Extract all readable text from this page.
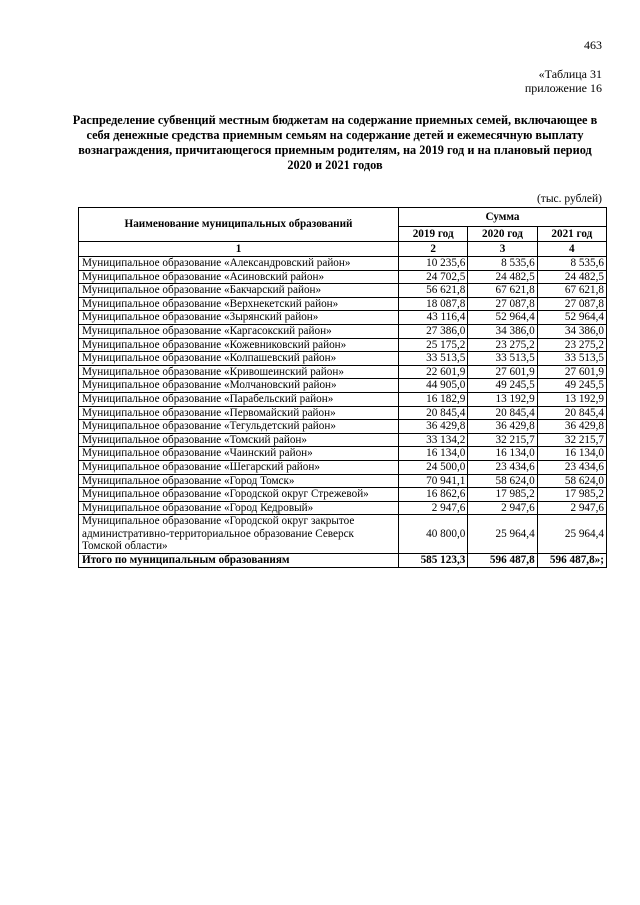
463
«Таблица 31
приложение 16
Распределение субвенций местным бюджетам на содержание приемных семей, включающее в себя денежные средства приемным семьям на содержание детей и ежемесячную выплату вознаграждения, причитающегося приемным родителям, на 2019 год и на плановый период 2020 и 2021 годов
(тыс. рублей)
Наименование муниципальных образований	Сумма		
	2019 год	2020 год	2021 год
1	2	3	4
Муниципальное образование «Александровский район»	10 235,6	8 535,6	8 535,6
Муниципальное образование «Асиновский район»	24 702,5	24 482,5	24 482,5
Муниципальное образование «Бакчарский район»	56 621,8	67 621,8	67 621,8
Муниципальное образование «Верхнекетский район»	18 087,8	27 087,8	27 087,8
Муниципальное образование «Зырянский район»	43 116,4	52 964,4	52 964,4
Муниципальное образование «Каргасокский район»	27 386,0	34 386,0	34 386,0
Муниципальное образование «Кожевниковский район»	25 175,2	23 275,2	23 275,2
Муниципальное образование «Колпашевский район»	33 513,5	33 513,5	33 513,5
Муниципальное образование «Кривошеинский район»	22 601,9	27 601,9	27 601,9
Муниципальное образование «Молчановский район»	44 905,0	49 245,5	49 245,5
Муниципальное образование «Парабельский район»	16 182,9	13 192,9	13 192,9
Муниципальное образование «Первомайский район»	20 845,4	20 845,4	20 845,4
Муниципальное образование «Тегульдетский район»	36 429,8	36 429,8	36 429,8
Муниципальное образование «Томский район»	33 134,2	32 215,7	32 215,7
Муниципальное образование «Чаинский район»	16 134,0	16 134,0	16 134,0
Муниципальное образование «Шегарский район»	24 500,0	23 434,6	23 434,6
Муниципальное образование «Город Томск»	70 941,1	58 624,0	58 624,0
Муниципальное образование «Городской округ Стрежевой»	16 862,6	17 985,2	17 985,2
Муниципальное образование «Город Кедровый»	2 947,6	2 947,6	2 947,6
Муниципальное образование «Городской округ закрытое административно-территориальное образование Северск Томской области»	40 800,0	25 964,4	25 964,4
Итого по муниципальным образованиям	585 123,3	596 487,8	596 487,8»;
